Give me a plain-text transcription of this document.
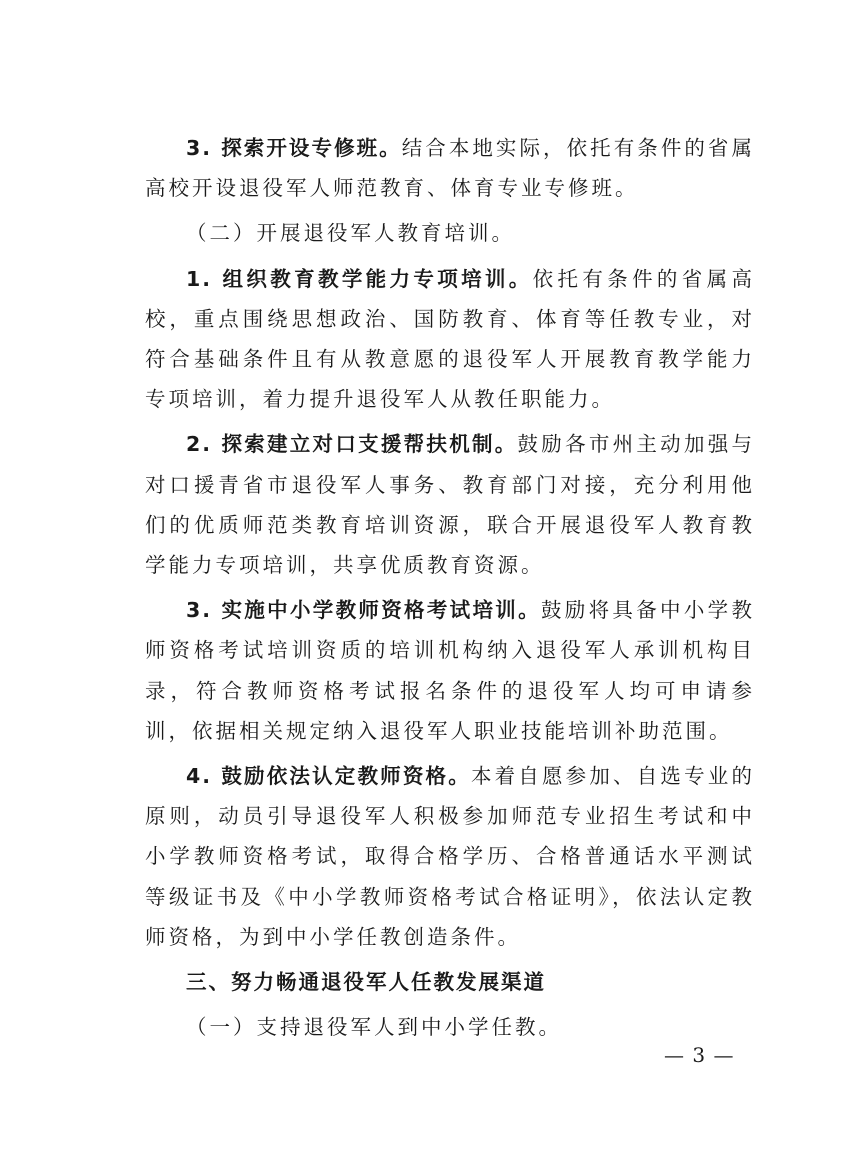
3. 探索开设专修班。结合本地实际，依托有条件的省属高校开设退役军人师范教育、体育专业专修班。

（二）开展退役军人教育培训。

1. 组织教育教学能力专项培训。依托有条件的省属高校，重点围绕思想政治、国防教育、体育等任教专业，对符合基础条件且有从教意愿的退役军人开展教育教学能力专项培训，着力提升退役军人从教任职能力。

2. 探索建立对口支援帮扶机制。鼓励各市州主动加强与对口援青省市退役军人事务、教育部门对接，充分利用他们的优质师范类教育培训资源，联合开展退役军人教育教学能力专项培训，共享优质教育资源。

3. 实施中小学教师资格考试培训。鼓励将具备中小学教师资格考试培训资质的培训机构纳入退役军人承训机构目录，符合教师资格考试报名条件的退役军人均可申请参训，依据相关规定纳入退役军人职业技能培训补助范围。

4. 鼓励依法认定教师资格。本着自愿参加、自选专业的原则，动员引导退役军人积极参加师范专业招生考试和中小学教师资格考试，取得合格学历、合格普通话水平测试等级证书及《中小学教师资格考试合格证明》，依法认定教师资格，为到中小学任教创造条件。

三、努力畅通退役军人任教发展渠道

（一）支持退役军人到中小学任教。

— 3 —
